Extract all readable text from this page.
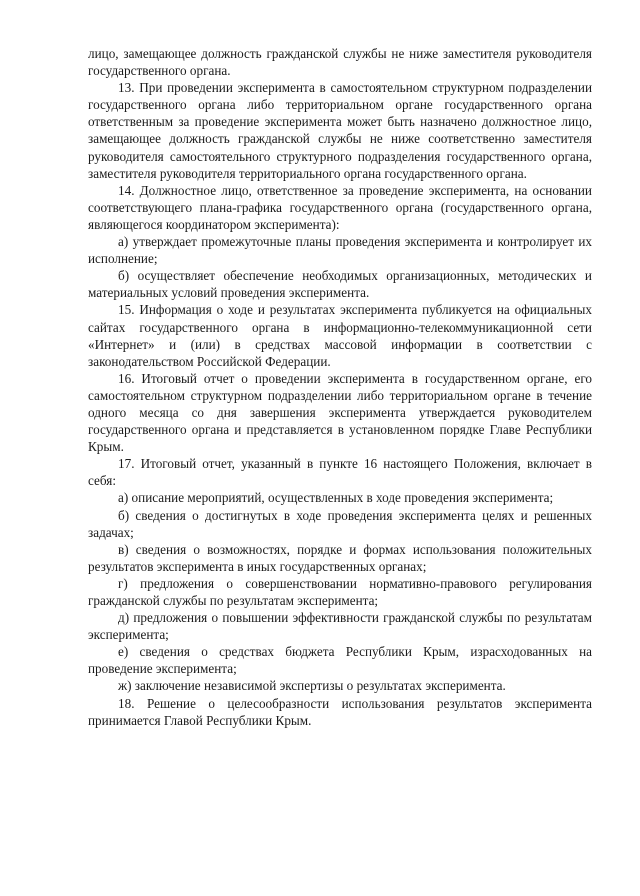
лицо, замещающее должность гражданской службы не ниже заместителя руководителя государственного органа.

13. При проведении эксперимента в самостоятельном структурном подразделении государственного органа либо территориальном органе государственного органа ответственным за проведение эксперимента может быть назначено должностное лицо, замещающее должность гражданской службы не ниже соответственно заместителя руководителя самостоятельного структурного подразделения государственного органа, заместителя руководителя территориального органа государственного органа.

14. Должностное лицо, ответственное за проведение эксперимента, на основании соответствующего плана-графика государственного органа (государственного органа, являющегося координатором эксперимента):

а) утверждает промежуточные планы проведения эксперимента и контролирует их исполнение;

б) осуществляет обеспечение необходимых организационных, методических и материальных условий проведения эксперимента.

15. Информация о ходе и результатах эксперимента публикуется на официальных сайтах государственного органа в информационно-телекоммуникационной сети «Интернет» и (или) в средствах массовой информации в соответствии с законодательством Российской Федерации.

16. Итоговый отчет о проведении эксперимента в государственном органе, его самостоятельном структурном подразделении либо территориальном органе в течение одного месяца со дня завершения эксперимента утверждается руководителем государственного органа и представляется в установленном порядке Главе Республики Крым.

17. Итоговый отчет, указанный в пункте 16 настоящего Положения, включает в себя:

а) описание мероприятий, осуществленных в ходе проведения эксперимента;

б) сведения о достигнутых в ходе проведения эксперимента целях и решенных задачах;

в) сведения о возможностях, порядке и формах использования положительных результатов эксперимента в иных государственных органах;

г) предложения о совершенствовании нормативно-правового регулирования гражданской службы по результатам эксперимента;

д) предложения о повышении эффективности гражданской службы по результатам эксперимента;

е) сведения о средствах бюджета Республики Крым, израсходованных на проведение эксперимента;

ж) заключение независимой экспертизы о результатах эксперимента.

18. Решение о целесообразности использования результатов эксперимента принимается Главой Республики Крым.
